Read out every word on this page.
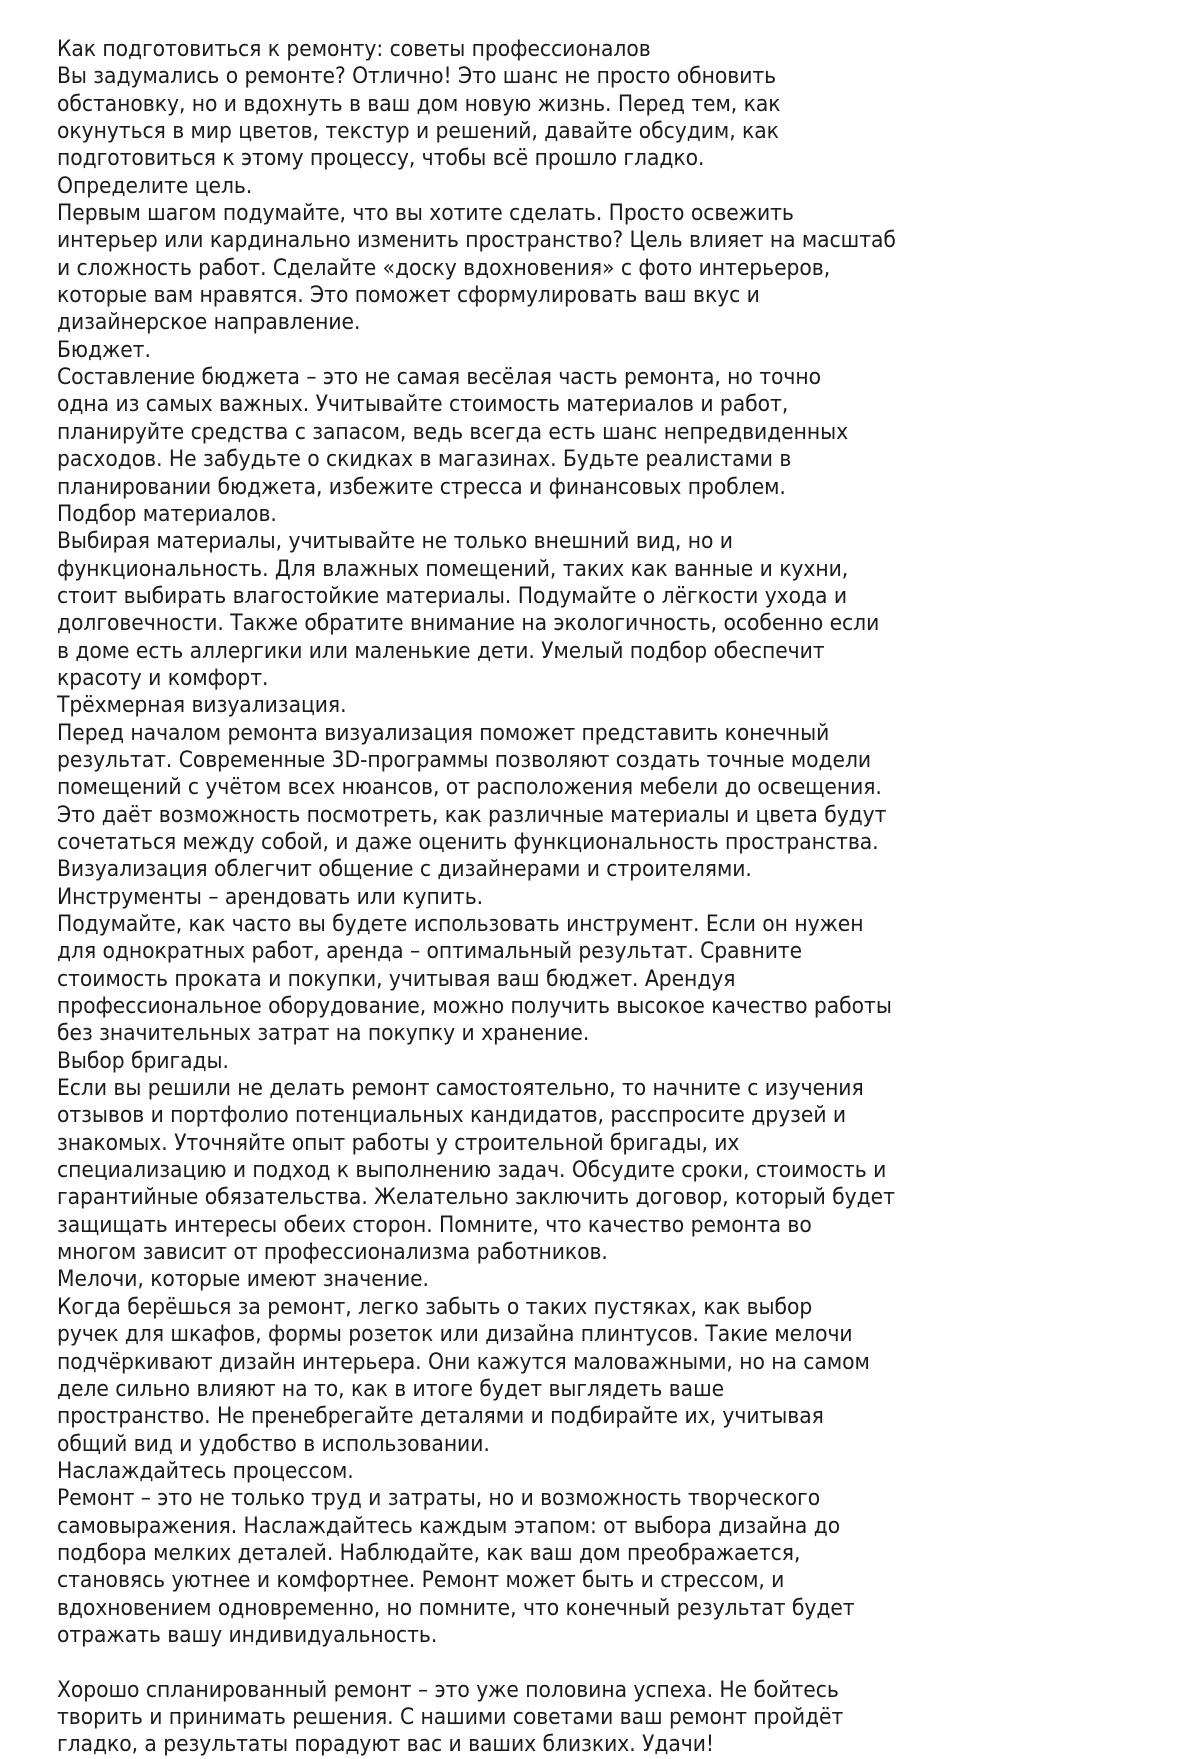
Как подготовиться к ремонту: советы профессионалов
Вы задумались о ремонте? Отлично! Это шанс не просто обновить
обстановку, но и вдохнуть в ваш дом новую жизнь. Перед тем, как
окунуться в мир цветов, текстур и решений, давайте обсудим, как
подготовиться к этому процессу, чтобы всё прошло гладко.
Определите цель.
Первым шагом подумайте, что вы хотите сделать. Просто освежить
интерьер или кардинально изменить пространство? Цель влияет на масштаб
и сложность работ. Сделайте «доску вдохновения» с фото интерьеров,
которые вам нравятся. Это поможет сформулировать ваш вкус и
дизайнерское направление.
Бюджет.
Составление бюджета – это не самая весёлая часть ремонта, но точно
одна из самых важных. Учитывайте стоимость материалов и работ,
планируйте средства с запасом, ведь всегда есть шанс непредвиденных
расходов. Не забудьте о скидках в магазинах. Будьте реалистами в
планировании бюджета, избежите стресса и финансовых проблем.
Подбор материалов.
Выбирая материалы, учитывайте не только внешний вид, но и
функциональность. Для влажных помещений, таких как ванные и кухни,
стоит выбирать влагостойкие материалы. Подумайте о лёгкости ухода и
долговечности. Также обратите внимание на экологичность, особенно если
в доме есть аллергики или маленькие дети. Умелый подбор обеспечит
красоту и комфорт.
Трёхмерная визуализация.
Перед началом ремонта визуализация поможет представить конечный
результат. Современные 3D-программы позволяют создать точные модели
помещений с учётом всех нюансов, от расположения мебели до освещения.
Это даёт возможность посмотреть, как различные материалы и цвета будут
сочетаться между собой, и даже оценить функциональность пространства.
Визуализация облегчит общение с дизайнерами и строителями.
Инструменты – арендовать или купить.
Подумайте, как часто вы будете использовать инструмент. Если он нужен
для однократных работ, аренда – оптимальный результат. Сравните
стоимость проката и покупки, учитывая ваш бюджет. Арендуя
профессиональное оборудование, можно получить высокое качество работы
без значительных затрат на покупку и хранение.
Выбор бригады.
Если вы решили не делать ремонт самостоятельно, то начните с изучения
отзывов и портфолио потенциальных кандидатов, расспросите друзей и
знакомых. Уточняйте опыт работы у строительной бригады, их
специализацию и подход к выполнению задач. Обсудите сроки, стоимость и
гарантийные обязательства. Желательно заключить договор, который будет
защищать интересы обеих сторон. Помните, что качество ремонта во
многом зависит от профессионализма работников.
Мелочи, которые имеют значение.
Когда берёшься за ремонт, легко забыть о таких пустяках, как выбор
ручек для шкафов, формы розеток или дизайна плинтусов. Такие мелочи
подчёркивают дизайн интерьера. Они кажутся маловажными, но на самом
деле сильно влияют на то, как в итоге будет выглядеть ваше
пространство. Не пренебрегайте деталями и подбирайте их, учитывая
общий вид и удобство в использовании.
Наслаждайтесь процессом.
Ремонт – это не только труд и затраты, но и возможность творческого
самовыражения. Наслаждайтесь каждым этапом: от выбора дизайна до
подбора мелких деталей. Наблюдайте, как ваш дом преображается,
становясь уютнее и комфортнее. Ремонт может быть и стрессом, и
вдохновением одновременно, но помните, что конечный результат будет
отражать вашу индивидуальность.

Хорошо спланированный ремонт – это уже половина успеха. Не бойтесь
творить и принимать решения. С нашими советами ваш ремонт пройдёт
гладко, а результаты порадуют вас и ваших близких. Удачи!
